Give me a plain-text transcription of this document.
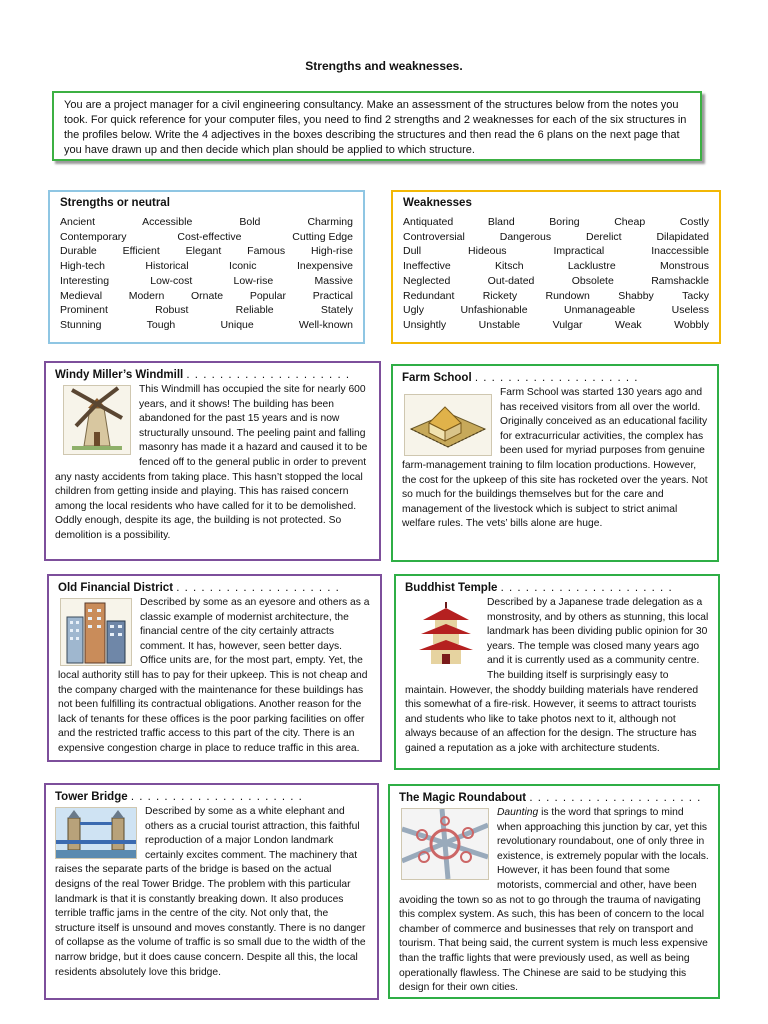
Strengths and weaknesses.
You are a project manager for a civil engineering consultancy. Make an assessment of the structures below from the notes you took. For quick reference for your computer files, you need to find 2 strengths and 2 weaknesses for each of the six structures in the profiles below. Write the 4 adjectives in the boxes describing the structures and then read the 6 plans on the next page that you have drawn up and then decide which plan should be applied to which structure.
Strengths or neutral
Ancient	Accessible	Bold	Charming
Contemporary	Cost-effective	Cutting Edge
Durable Efficient Elegant Famous High-rise
High-tech	Historical	Iconic	Inexpensive
Interesting	Low-cost	Low-rise	Massive
Medieval	Modern	Ornate	Popular	Practical
Prominent	Robust	Reliable	Stately
Stunning	Tough	Unique	Well-known
Weaknesses
Antiquated	Bland	Boring	Cheap	Costly
Controversial	Dangerous	Derelict	Dilapidated
Dull	Hideous	Impractical	Inaccessible
Ineffective	Kitsch	Lacklustre	Monstrous
Neglected	Out-dated	Obsolete	Ramshackle
Redundant	Rickety	Rundown	Shabby	Tacky
Ugly	Unfashionable	Unmanageable	Useless
Unsightly	Unstable	Vulgar	Weak	Wobbly
Windy Miller’s Windmill . . . . . . . . . . . . . . . . . . . .

This Windmill has occupied the site for nearly 600 years, and it shows! The building has been abandoned for the past 15 years and is now structurally unsound. The peeling paint and falling masonry has made it a hazard and caused it to be fenced off to the general public in order to prevent any nasty accidents from taking place. This hasn’t stopped the local children from getting inside and playing. This has raised concern among the local residents who have called for it to be demolished. Oddly enough, despite its age, the building is not protected. So demolition is a possibility.

Farm School . . . . . . . . . . . . . . . . . . . .

Farm School was started 130 years ago and has received visitors from all over the world. Originally conceived as an educational facility for extracurricular activities, the complex has been used for myriad purposes from genuine farm-management training to film location productions. However, the cost for the upkeep of this site has rocketed over the years. Not so much for the buildings themselves but for the care and management of the livestock which is subject to strict animal welfare rules. The vets’ bills alone are huge.

Old Financial District . . . . . . . . . . . . . . . . . . . .

Described by some as an eyesore and others as a classic example of modernist architecture, the financial centre of the city certainly attracts comment. It has, however, seen better days. Office units are, for the most part, empty. Yet, the local authority still has to pay for their upkeep. This is not cheap and the company charged with the maintenance for these buildings has not been fulfilling its contractual obligations. Another reason for the lack of tenants for these offices is the poor parking facilities on offer and the restricted traffic access to this part of the city. There is an expensive congestion charge in place to reduce traffic in this area.

Buddhist Temple . . . . . . . . . . . . . . . . . . . . .

Described by a Japanese trade delegation as a monstrosity, and by others as stunning, this local landmark has been dividing public opinion for 30 years. The temple was closed many years ago and it is currently used as a community centre. The building itself is surprisingly easy to maintain. However, the shoddy building materials have rendered this somewhat of a fire-risk. However, it seems to attract tourists and students who like to take photos next to it, although not always because of an affection for the design. The structure has gained a reputation as a joke with architecture students.

Tower Bridge . . . . . . . . . . . . . . . . . . . . .

Described by some as a white elephant and others as a crucial tourist attraction, this faithful reproduction of a major London landmark certainly excites comment. The machinery that raises the separate parts of the bridge is based on the actual designs of the real Tower Bridge. The problem with this particular landmark is that it is constantly breaking down. It also produces terrible traffic jams in the centre of the city. Not only that, the structure itself is unsound and moves constantly. There is no danger of collapse as the volume of traffic is so small due to the width of the narrow bridge, but it does cause concern. Despite all this, the local residents absolutely love this bridge.

The Magic Roundabout . . . . . . . . . . . . . . . . . . . . .

Daunting is the word that springs to mind when approaching this junction by car, yet this revolutionary roundabout, one of only three in existence, is extremely popular with the locals. However, it has been found that some motorists, commercial and other, have been avoiding the town so as not to go through the trauma of navigating this complex system. As such, this has been of concern to the local chamber of commerce and businesses that rely on transport and tourism. That being said, the current system is much less expensive than the traffic lights that were previously used, as well as being operationally flawless. The Chinese are said to be studying this design for their own cities.
